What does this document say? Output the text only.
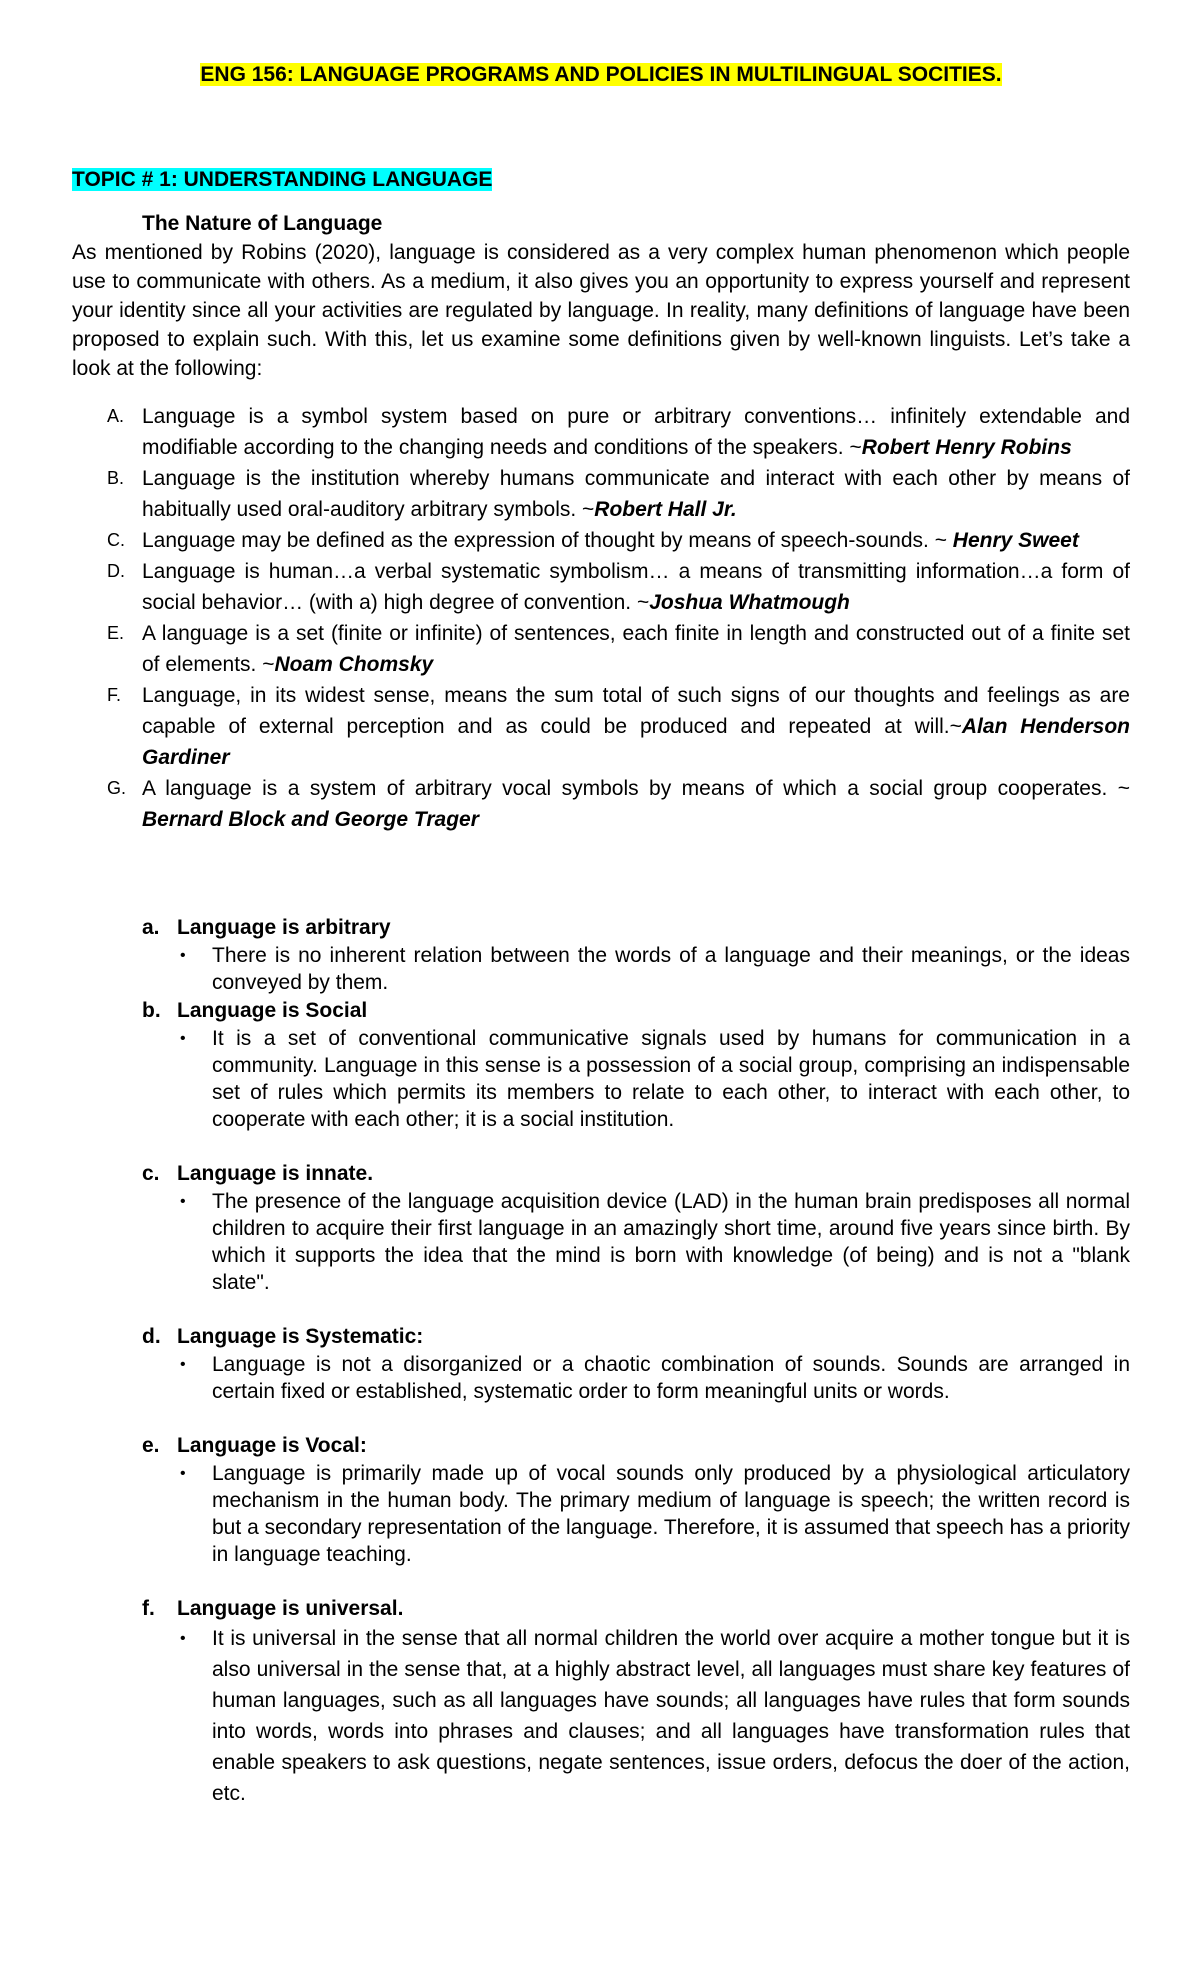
ENG 156: LANGUAGE PROGRAMS AND POLICIES IN MULTILINGUAL SOCITIES.

TOPIC # 1: UNDERSTANDING LANGUAGE
The Nature of Language

As mentioned by Robins (2020), language is considered as a very complex human phenomenon which people use to communicate with others. As a medium, it also gives you an opportunity to express yourself and represent your identity since all your activities are regulated by language. In reality, many definitions of language have been proposed to explain such. With this, let us examine some definitions given by well-known linguists. Let’s take a look at the following:

A. Language is a symbol system based on pure or arbitrary conventions… infinitely extendable and modifiable according to the changing needs and conditions of the speakers. ~Robert Henry Robins
B. Language is the institution whereby humans communicate and interact with each other by means of habitually used oral-auditory arbitrary symbols. ~Robert Hall Jr.
C. Language may be defined as the expression of thought by means of speech-sounds. ~ Henry Sweet
D. Language is human…a verbal systematic symbolism… a means of transmitting information…a form of social behavior… (with a) high degree of convention. ~Joshua Whatmough
E. A language is a set (finite or infinite) of sentences, each finite in length and constructed out of a finite set of elements. ~Noam Chomsky
F. Language, in its widest sense, means the sum total of such signs of our thoughts and feelings as are capable of external perception and as could be produced and repeated at will.~Alan Henderson Gardiner
G. A language is a system of arbitrary vocal symbols by means of which a social group cooperates. ~ Bernard Block and George Trager
a. Language is arbitrary
• There is no inherent relation between the words of a language and their meanings, or the ideas conveyed by them.
b. Language is Social
• It is a set of conventional communicative signals used by humans for communication in a community. Language in this sense is a possession of a social group, comprising an indispensable set of rules which permits its members to relate to each other, to interact with each other, to cooperate with each other; it is a social institution.
c. Language is innate.
• The presence of the language acquisition device (LAD) in the human brain predisposes all normal children to acquire their first language in an amazingly short time, around five years since birth. By which it supports the idea that the mind is born with knowledge (of being) and is not a "blank slate".
d. Language is Systematic:
• Language is not a disorganized or a chaotic combination of sounds. Sounds are arranged in certain fixed or established, systematic order to form meaningful units or words.
e. Language is Vocal:
• Language is primarily made up of vocal sounds only produced by a physiological articulatory mechanism in the human body. The primary medium of language is speech; the written record is but a secondary representation of the language. Therefore, it is assumed that speech has a priority in language teaching.
f. Language is universal.
• It is universal in the sense that all normal children the world over acquire a mother tongue but it is also universal in the sense that, at a highly abstract level, all languages must share key features of human languages, such as all languages have sounds; all languages have rules that form sounds into words, words into phrases and clauses; and all languages have transformation rules that enable speakers to ask questions, negate sentences, issue orders, defocus the doer of the action, etc.
